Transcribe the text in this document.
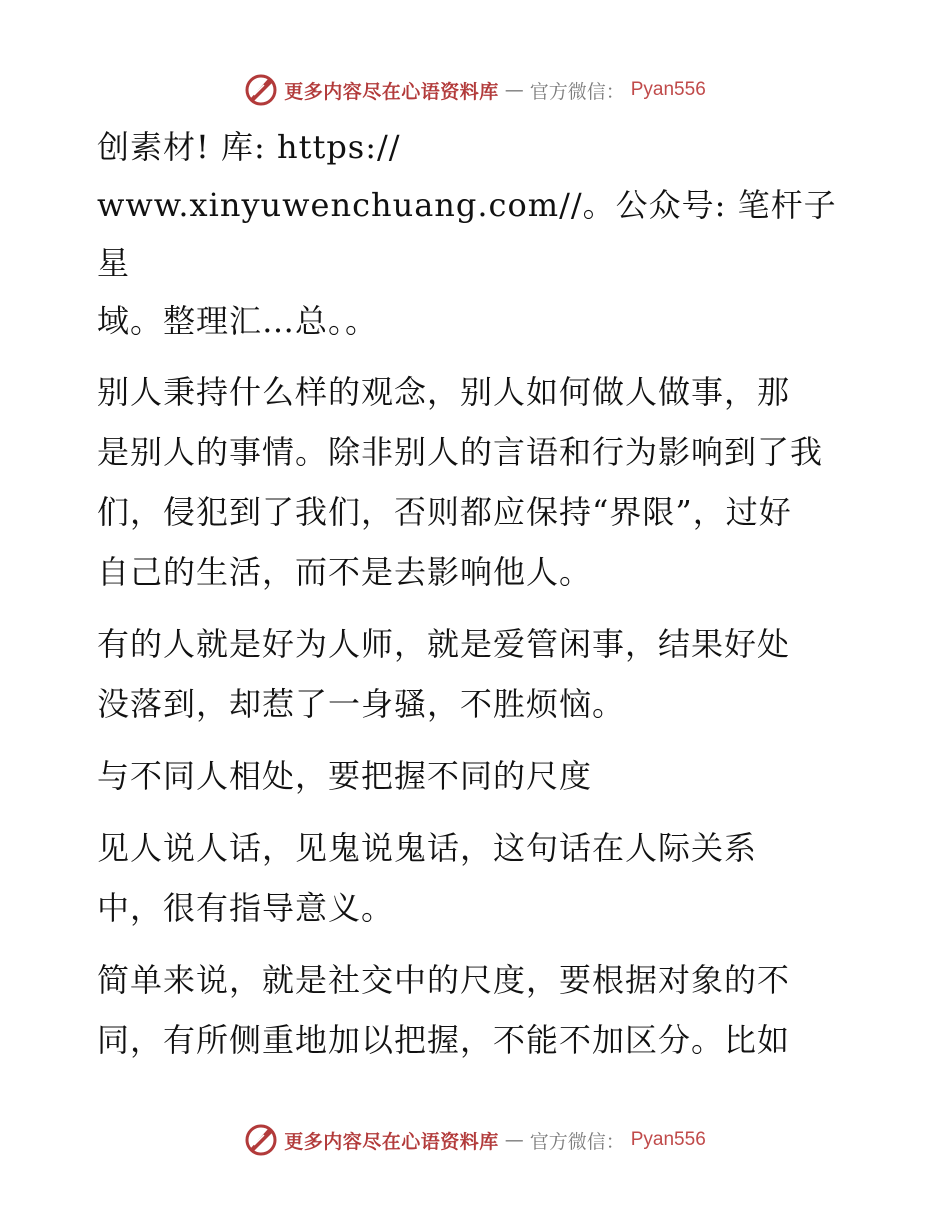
更多内容尽在心语资料库 — 官方微信： Pyan556

创素材! 库: https://
www.xinyuwenchuang.com//。公众号: 笔杆子星
域。整理汇…总。。

别人秉持什么样的观念，别人如何做人做事，那
是别人的事情。除非别人的言语和行为影响到了我
们，侵犯到了我们，否则都应保持“界限”，过好
自己的生活，而不是去影响他人。

有的人就是好为人师，就是爱管闲事，结果好处
没落到，却惹了一身骚，不胜烦恼。

与不同人相处，要把握不同的尺度

见人说人话，见鬼说鬼话，这句话在人际关系
中，很有指导意义。

简单来说，就是社交中的尺度，要根据对象的不
同，有所侧重地加以把握，不能不加区分。比如

更多内容尽在心语资料库 — 官方微信： Pyan556
